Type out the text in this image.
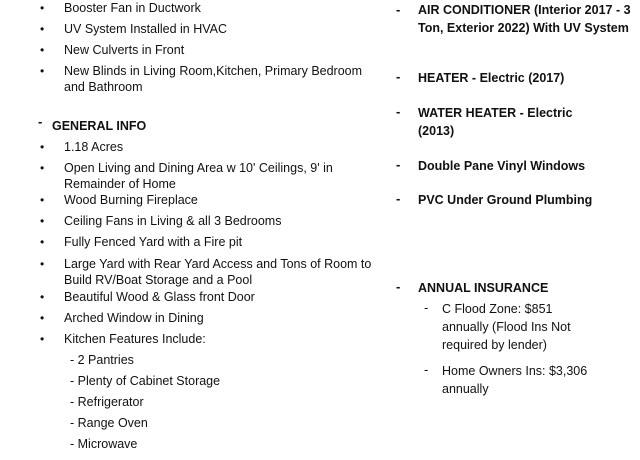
• Booster Fan in Ductwork
• UV System Installed in HVAC
• New Culverts in Front
• New Blinds in Living Room,Kitchen, Primary Bedroom and Bathroom
- GENERAL INFO
• 1.18 Acres
• Open Living and Dining Area w 10' Ceilings, 9' in Remainder of Home
• Wood Burning Fireplace
• Ceiling Fans in Living & all 3 Bedrooms
• Fully Fenced Yard with a Fire pit
• Large Yard with Rear Yard Access and Tons of Room to Build RV/Boat Storage and a Pool
• Beautiful Wood & Glass front Door
• Arched Window in Dining
• Kitchen Features Include:
- 2 Pantries
- Plenty of Cabinet Storage
- Refrigerator
- Range Oven
- Microwave
- AIR CONDITIONER (Interior 2017 - 3 Ton, Exterior 2022) With UV System
- HEATER - Electric (2017)
- WATER HEATER - Electric (2013)
- Double Pane Vinyl Windows
- PVC Under Ground Plumbing
- ANNUAL INSURANCE
- C Flood Zone: $851 annually (Flood Ins Not required by lender)
- Home Owners Ins: $3,306 annually
